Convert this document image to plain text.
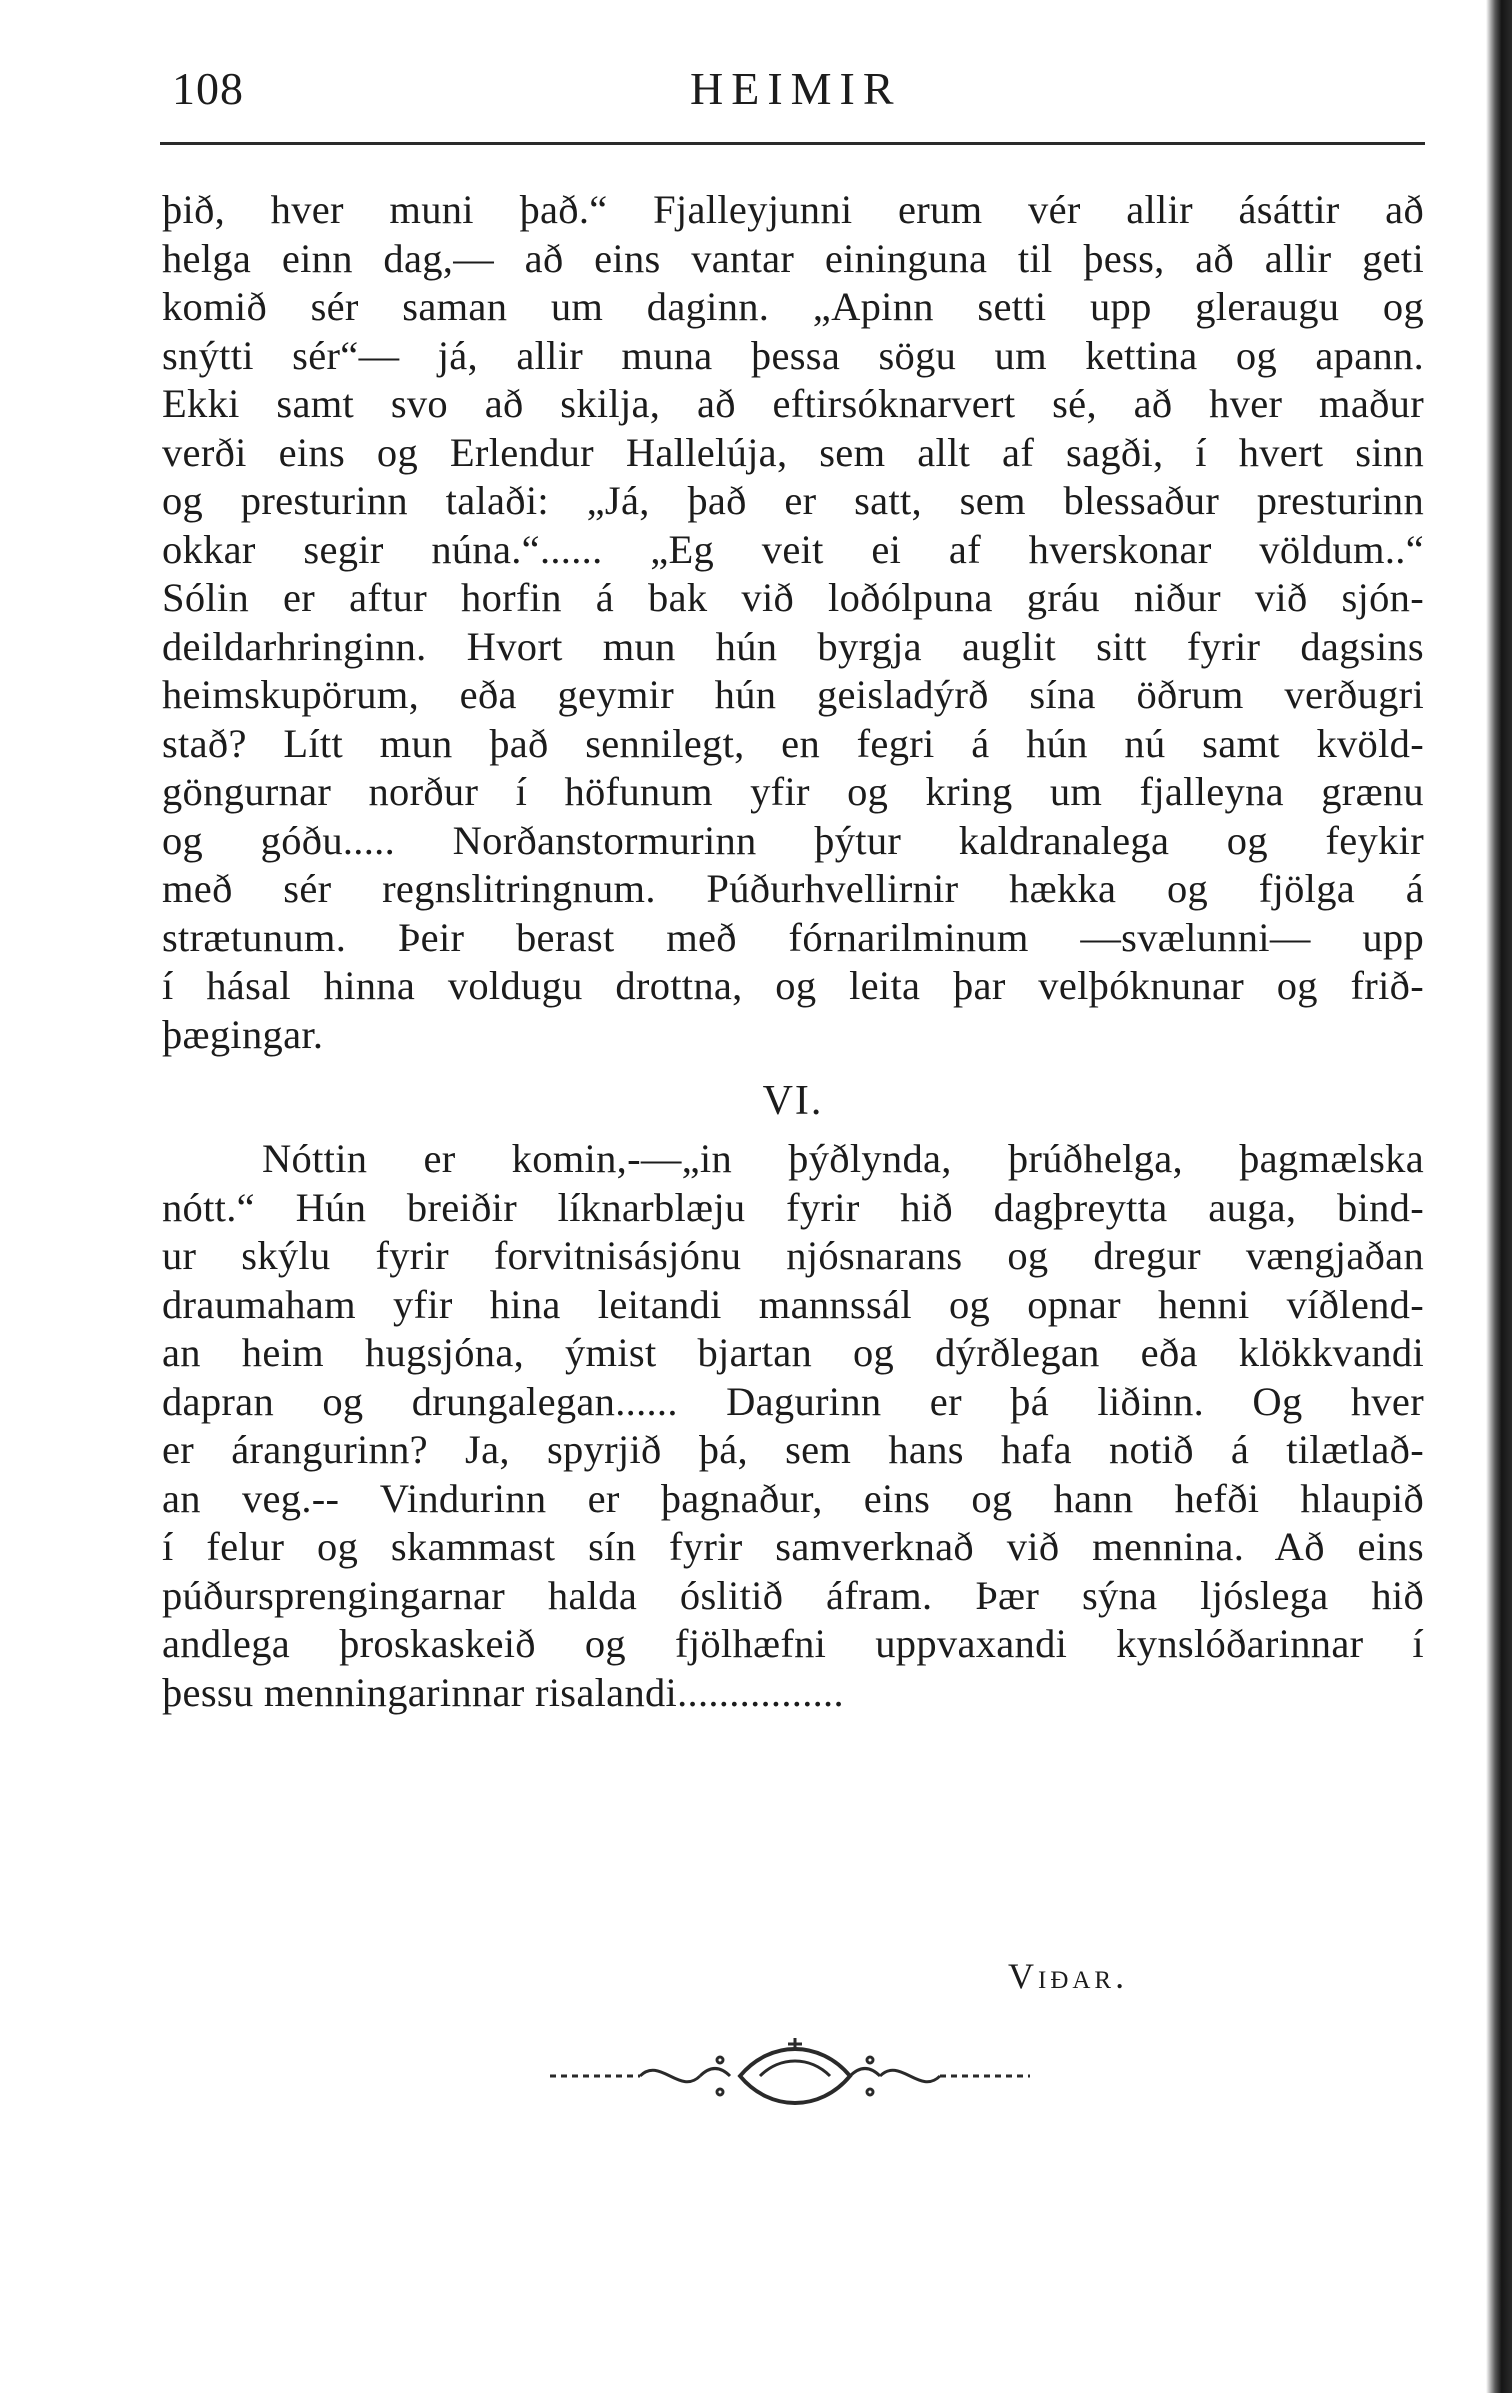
108	HEIMIR
þið, hver muni það.“ Fjalleyjunni erum vér allir ásáttir að
helga einn dag,— að eins vantar eininguna til þess, að allir geti
komið sér saman um daginn. „Apinn setti upp gleraugu og
snýtti sér“— já, allir muna þessa sögu um kettina og apann.
Ekki samt svo að skilja, að eftirsóknarvert sé, að hver maður
verði eins og Erlendur Hallelúja, sem allt af sagði, í hvert sinn
og presturinn talaði: „Já, það er satt, sem blessaður presturinn
okkar segir núna.“...... „Eg veit ei af hverskonar völdum..“
Sólin er aftur horfin á bak við loðólpuna gráu niður við sjón-
deildarhringinn. Hvort mun hún byrgja auglit sitt fyrir dagsins
heimskupörum, eða geymir hún geisladýrð sína öðrum verðugri
stað? Lítt mun það sennilegt, en fegri á hún nú samt kvöld-
göngurnar norður í höfunum yfir og kring um fjalleyna grænu
og góðu..... Norðanstormurinn þýtur kaldranalega og feykir
með sér regnslitringnum. Púðurhvellirnir hækka og fjölga á
strætunum. Þeir berast með fórnarilminum —svælunni— upp
í hásal hinna voldugu drottna, og leita þar velþóknunar og frið-
þægingar.
VI.
Nóttin er komin,-—„in þýðlynda, þrúðhelga, þagmælska
nótt.“ Hún breiðir líknarblæju fyrir hið dagþreytta auga, bind-
ur skýlu fyrir forvitnisásjónu njósnarans og dregur vængjaðan
draumaham yfir hina leitandi mannssál og opnar henni víðlend-
an heim hugsjóna, ýmist bjartan og dýrðlegan eða klökkvandi
dapran og drungalegan...... Dagurinn er þá liðinn. Og hver
er árangurinn? Ja, spyrjið þá, sem hans hafa notið á tilætlað-
an veg.-- Vindurinn er þagnaður, eins og hann hefði hlaupið
í felur og skammast sín fyrir samverknað við mennina. Að eins
púðursprengingarnar halda óslitið áfram. Þær sýna ljóslega hið
andlega þroskaskeið og fjölhæfni uppvaxandi kynslóðarinnar í
þessu menningarinnar risalandi................
Viðar.
